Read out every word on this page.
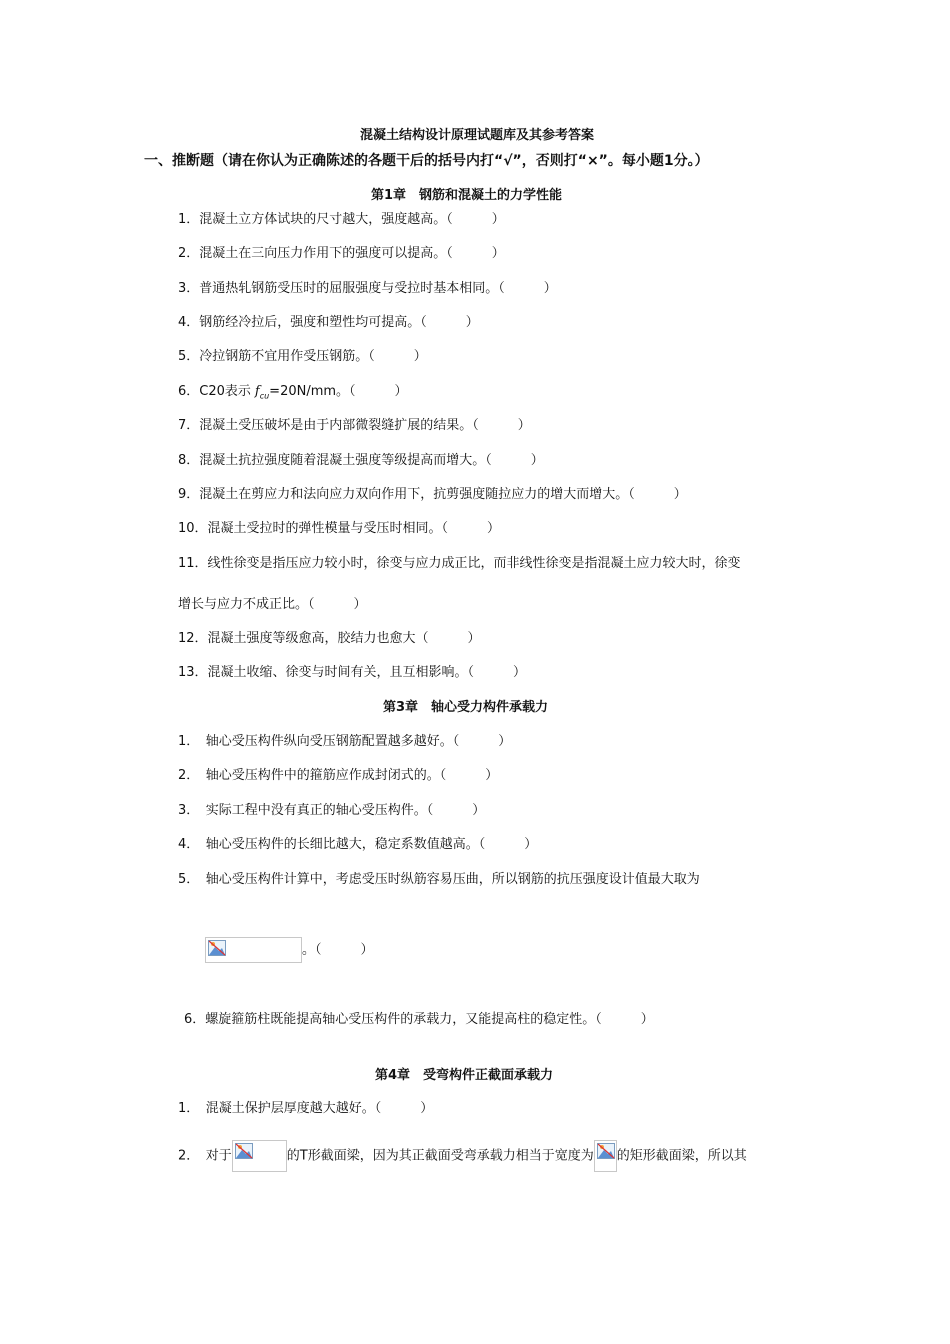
混凝土结构设计原理试题库及其参考答案
一、推断题（请在你认为正确陈述的各题干后的括号内打“√”，否则打“×”。每小题1分。）
第1章　钢筋和混凝土的力学性能
1．混凝土立方体试块的尺寸越大，强度越高。（　　　）
2．混凝土在三向压力作用下的强度可以提高。（　　　）
3．普通热轧钢筋受压时的屈服强度与受拉时基本相同。（　　　）
4．钢筋经冷拉后，强度和塑性均可提高。（　　　）
5．冷拉钢筋不宜用作受压钢筋。（　　　）
6．C20表示 $f_{cu}=20N/mm$。（　　　）
7．混凝土受压破坏是由于内部微裂缝扩展的结果。（　　　）
8．混凝土抗拉强度随着混凝土强度等级提高而增大。（　　　）
9．混凝土在剪应力和法向应力双向作用下，抗剪强度随拉应力的增大而增大。（　　　）
10．混凝土受拉时的弹性模量与受压时相同。（　　　）
11．线性徐变是指压应力较小时，徐变与应力成正比，而非线性徐变是指混凝土应力较大时，徐变
增长与应力不成正比。（　　　）
12．混凝土强度等级愈高，胶结力也愈大（　　　）
13．混凝土收缩、徐变与时间有关，且互相影响。（　　　）
第3章　轴心受力构件承载力
1．　轴心受压构件纵向受压钢筋配置越多越好。（　　　）
2．　轴心受压构件中的箍筋应作成封闭式的。（　　　）
3．　实际工程中没有真正的轴心受压构件。（　　　）
4．　轴心受压构件的长细比越大，稳定系数值越高。（　　　）
5．　轴心受压构件计算中，考虑受压时纵筋容易压曲，所以钢筋的抗压强度设计值最大取为
。（　　　）
6．螺旋箍筋柱既能提高轴心受压构件的承载力，又能提高柱的稳定性。（　　　）
第4章　受弯构件正截面承载力
1．　混凝土保护层厚度越大越好。（　　　）
2．　对于	的T形截面梁，因为其正截面受弯承载力相当于宽度为 的矩形截面梁，所以其
